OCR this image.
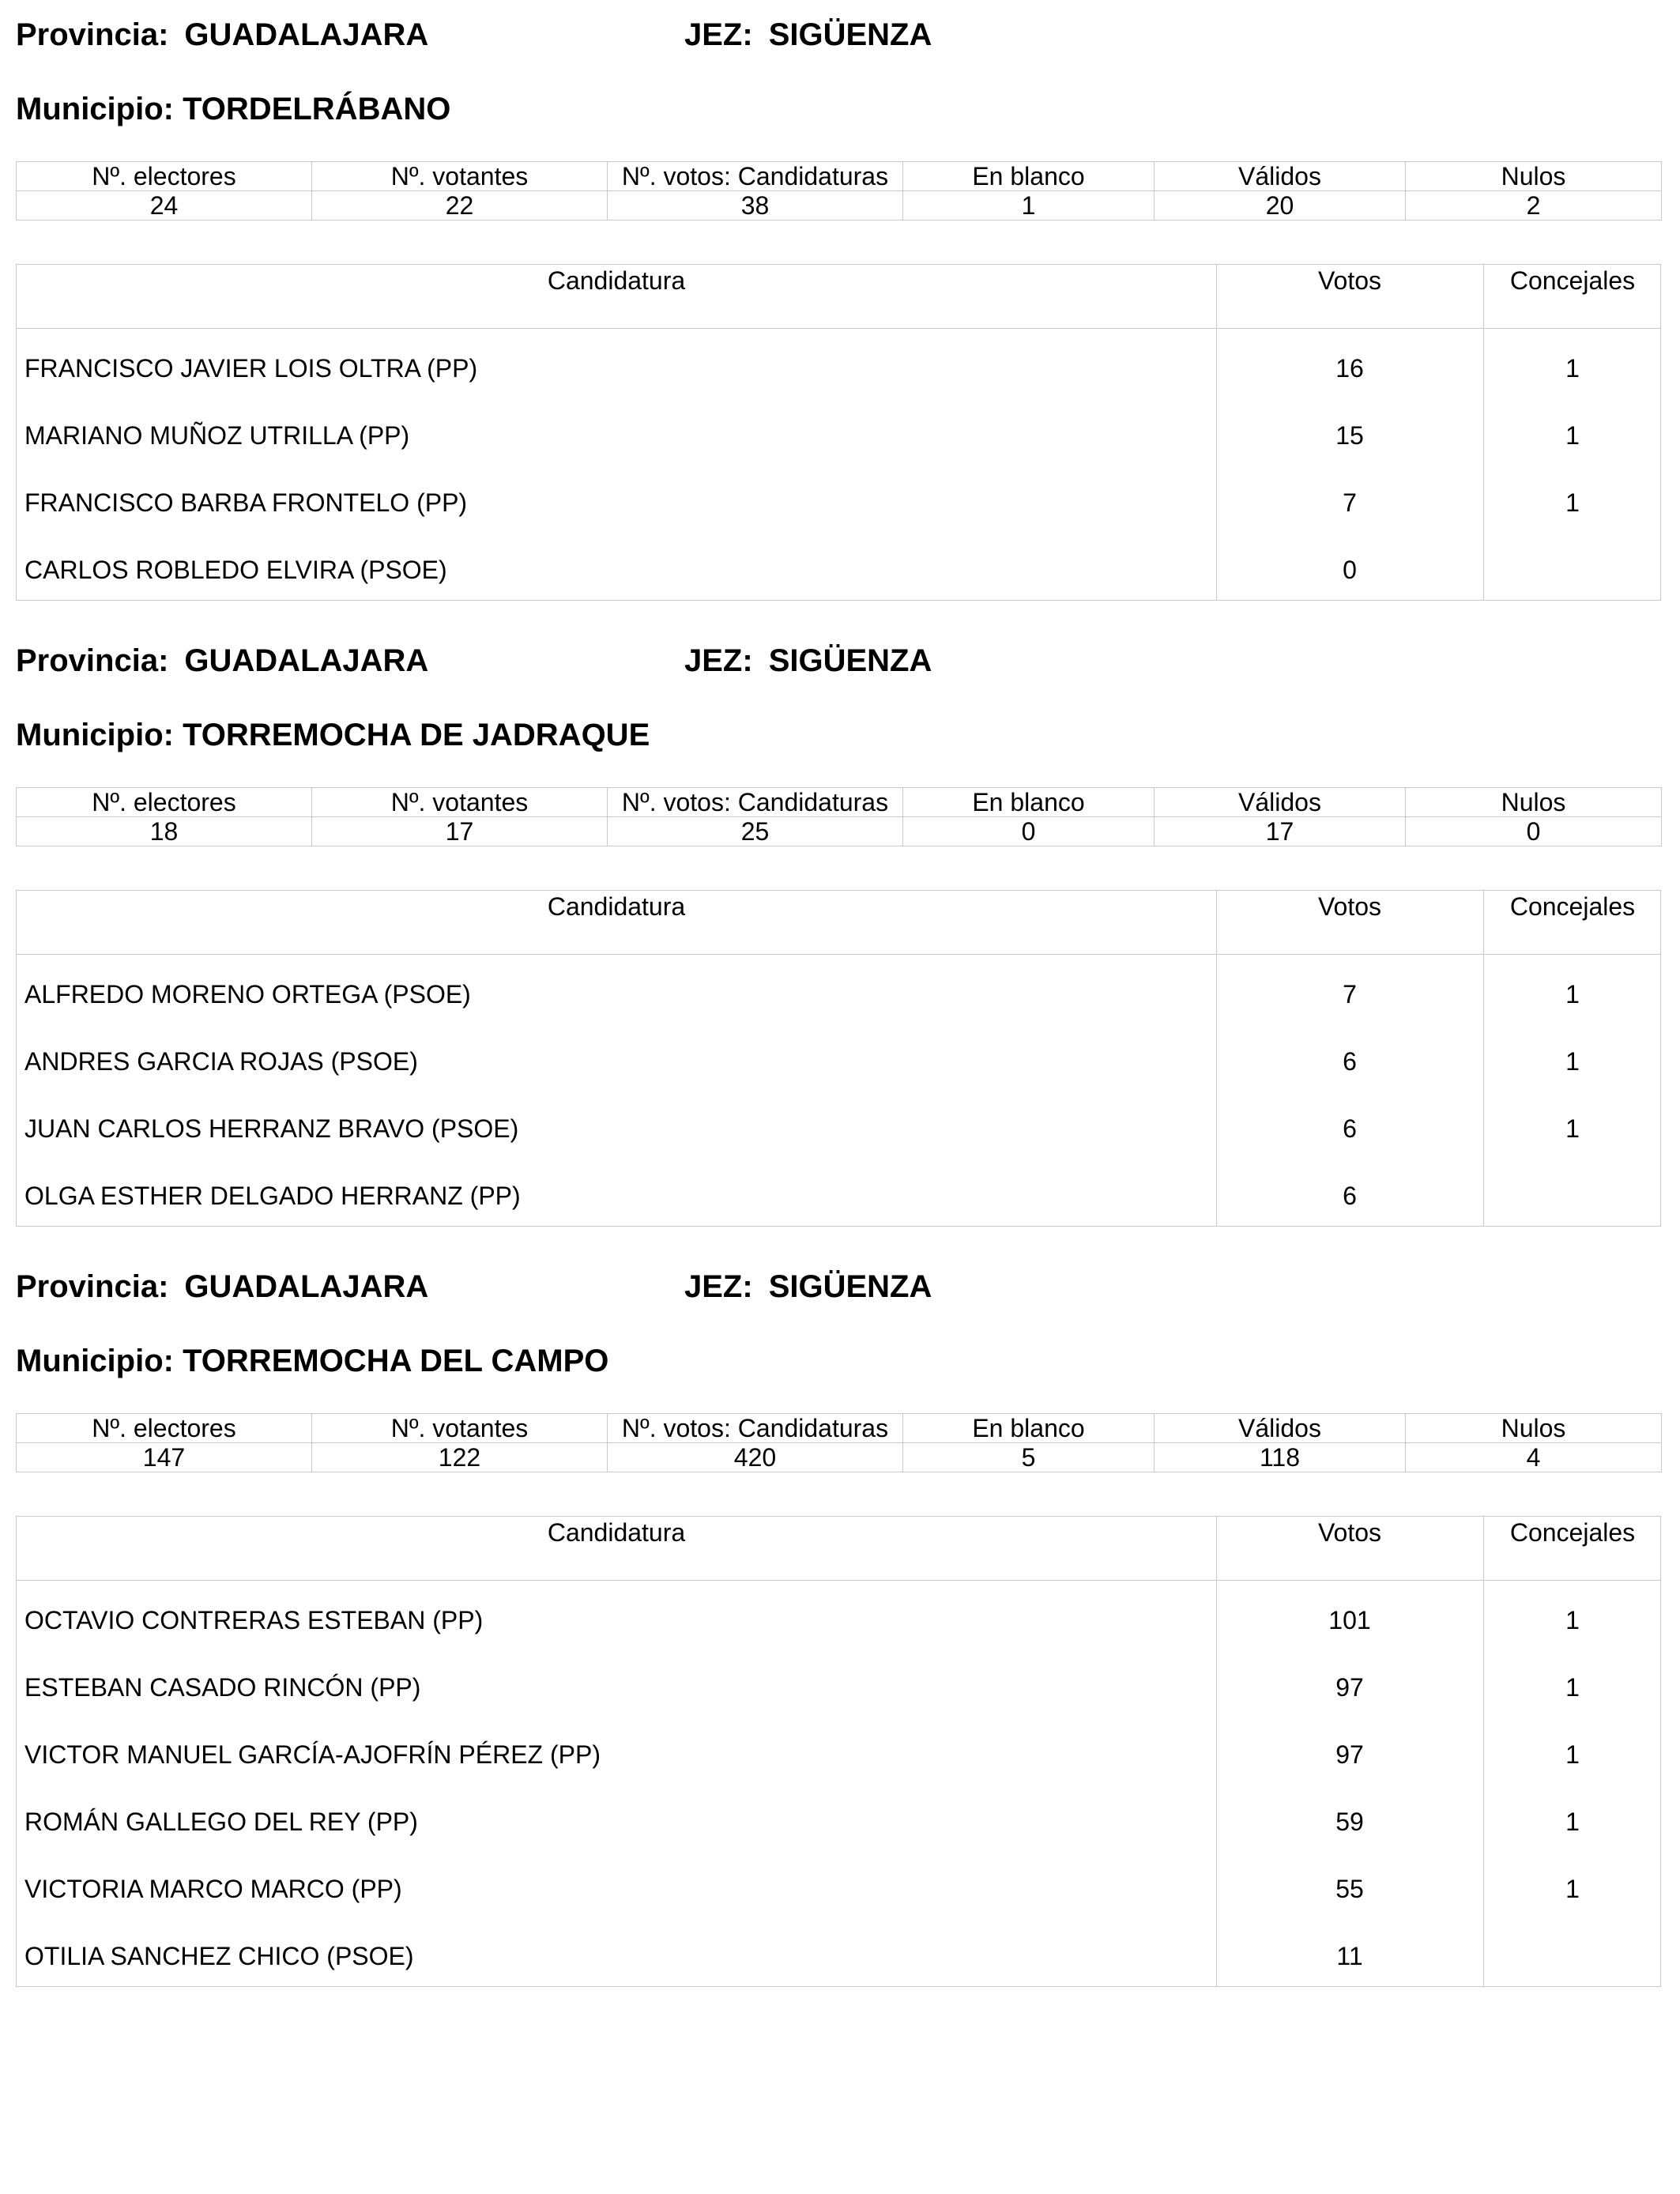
Provincia: GUADALAJARA	JEZ: SIGÜENZA
Municipio: TORDELRÁBANO
Nº. electores	Nº. votantes	Nº. votos: Candidaturas	En blanco	Válidos	Nulos
24	22	38	1	20	2
Candidatura	Votos	Concejales
FRANCISCO JAVIER LOIS OLTRA (PP)	16	1
MARIANO MUÑOZ UTRILLA (PP)	15	1
FRANCISCO BARBA FRONTELO (PP)	7	1
CARLOS ROBLEDO ELVIRA (PSOE)	0
Provincia: GUADALAJARA	JEZ: SIGÜENZA
Municipio: TORREMOCHA DE JADRAQUE
Nº. electores	Nº. votantes	Nº. votos: Candidaturas	En blanco	Válidos	Nulos
18	17	25	0	17	0
Candidatura	Votos	Concejales
ALFREDO MORENO ORTEGA (PSOE)	7	1
ANDRES GARCIA ROJAS (PSOE)	6	1
JUAN CARLOS HERRANZ BRAVO (PSOE)	6	1
OLGA ESTHER DELGADO HERRANZ (PP)	6
Provincia: GUADALAJARA	JEZ: SIGÜENZA
Municipio: TORREMOCHA DEL CAMPO
Nº. electores	Nº. votantes	Nº. votos: Candidaturas	En blanco	Válidos	Nulos
147	122	420	5	118	4
Candidatura	Votos	Concejales
OCTAVIO CONTRERAS ESTEBAN (PP)	101	1
ESTEBAN CASADO RINCÓN (PP)	97	1
VICTOR MANUEL GARCÍA-AJOFRÍN PÉREZ (PP)	97	1
ROMÁN GALLEGO DEL REY (PP)	59	1
VICTORIA MARCO MARCO (PP)	55	1
OTILIA SANCHEZ CHICO (PSOE)	11
